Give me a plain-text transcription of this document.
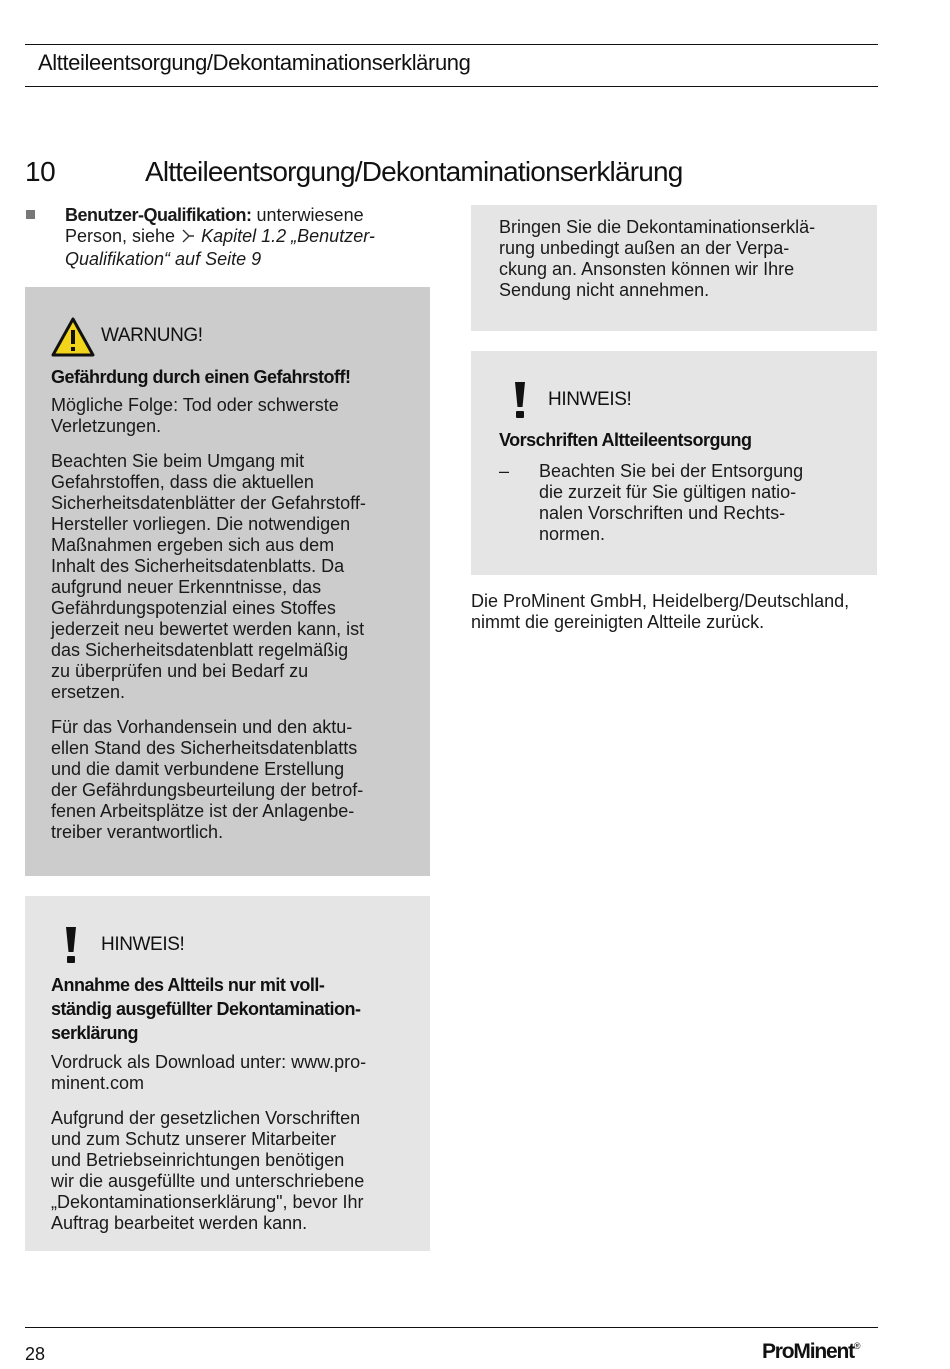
Altteileentsorgung/Dekontaminationserklärung
10	Altteileentsorgung/Dekontaminationserklärung
Benutzer-Qualifikation: unterwiesene Person, siehe  Kapitel 1.2 „Benutzer-Qualifikation“ auf Seite 9
WARNUNG!
Gefährdung durch einen Gefahrstoff!

Mögliche Folge: Tod oder schwerste
Verletzungen.

Beachten Sie beim Umgang mit
Gefahrstoffen, dass die aktuellen
Sicherheitsdatenblätter der Gefahrstoff-
Hersteller vorliegen. Die notwendigen
Maßnahmen ergeben sich aus dem
Inhalt des Sicherheitsdatenblatts. Da
aufgrund neuer Erkenntnisse, das
Gefährdungspotenzial eines Stoffes
jederzeit neu bewertet werden kann, ist
das Sicherheitsdatenblatt regelmäßig
zu überprüfen und bei Bedarf zu
ersetzen.

Für das Vorhandensein und den aktu-
ellen Stand des Sicherheitsdatenblatts
und die damit verbundene Erstellung
der Gefährdungsbeurteilung der betrof-
fenen Arbeitsplätze ist der Anlagenbe-
treiber verantwortlich.

HINWEIS!
Annahme des Altteils nur mit voll-
ständig ausgefüllter Dekontamination-
serklärung

Vordruck als Download unter: www.pro-
minent.com

Aufgrund der gesetzlichen Vorschriften
und zum Schutz unserer Mitarbeiter
und Betriebseinrichtungen benötigen
wir die ausgefüllte und unterschriebene
„Dekontaminationserklärung", bevor Ihr
Auftrag bearbeitet werden kann.

Bringen Sie die Dekontaminationserklä-
rung unbedingt außen an der Verpa-
ckung an. Ansonsten können wir Ihre
Sendung nicht annehmen.
HINWEIS!
Vorschriften Altteileentsorgung
– Beachten Sie bei der Entsorgung
die zurzeit für Sie gültigen natio-
nalen Vorschriften und Rechts-
normen.
Die ProMinent GmbH, Heidelberg/Deutschland,
nimmt die gereinigten Altteile zurück.
28	ProMinent®
